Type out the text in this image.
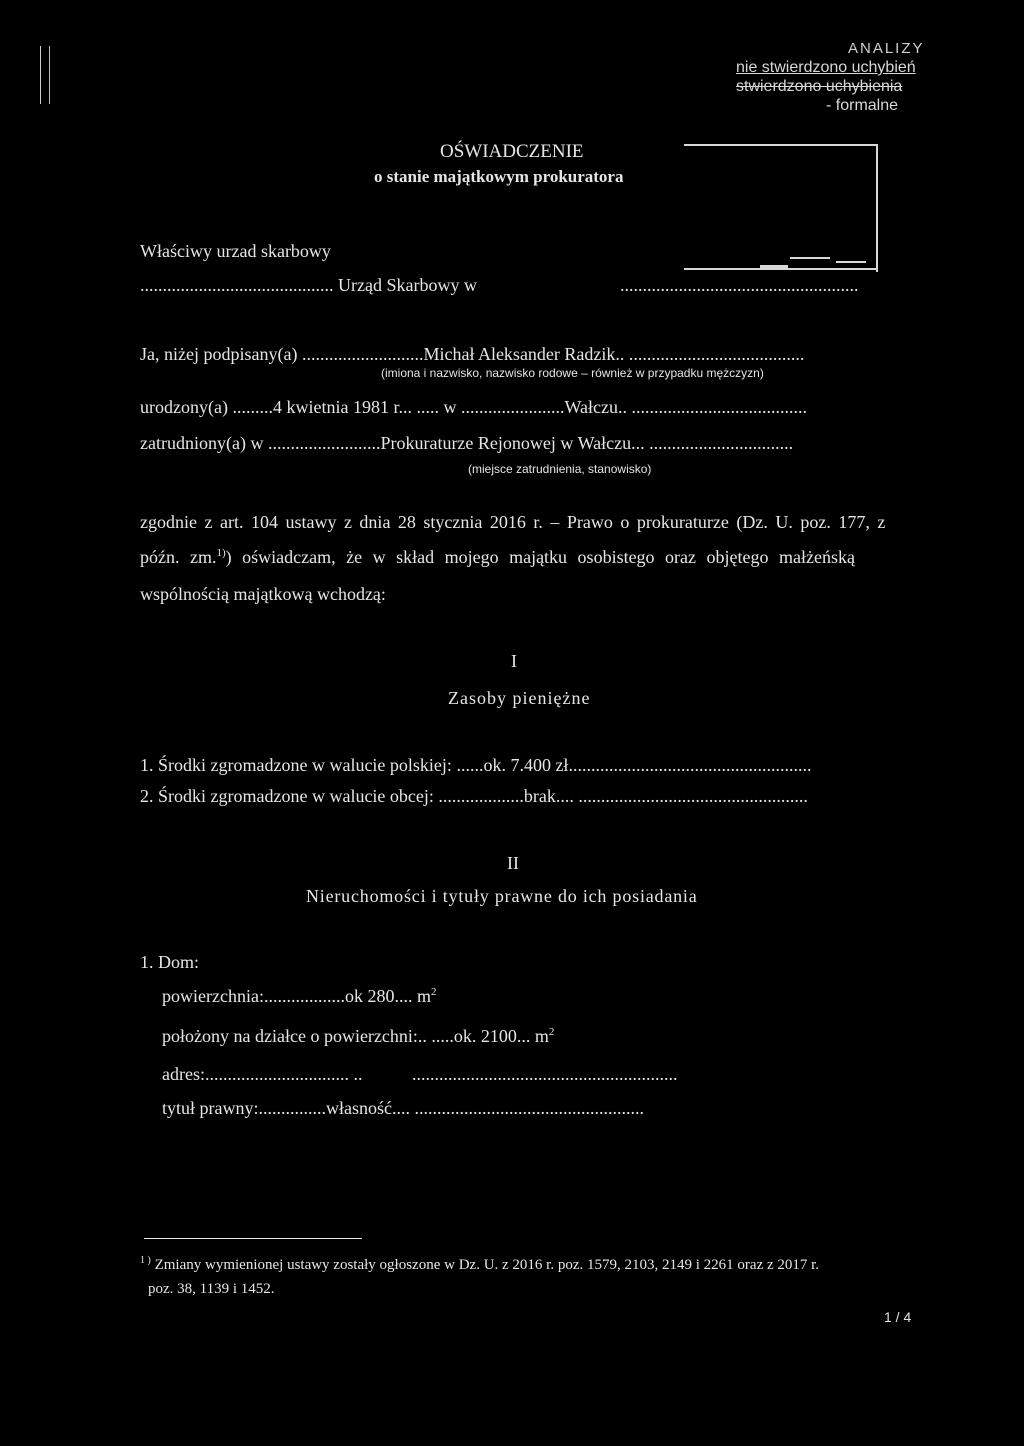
ANALIZY
nie stwierdzono uchybień
stwierdzono uchybienia
- formalne
OŚWIADCZENIE
o stanie majątkowym prokuratora
Właściwy urzad skarbowy
........................................... Urząd Skarbowy w	.....................................................
Ja, niżej podpisany(a) ...........................Michał Aleksander Radzik.. .......................................
(imiona i nazwisko, nazwisko rodowe – również w przypadku mężczyzn)
urodzony(a) .........4 kwietnia 1981 r... ..... w .......................Wałczu.. .......................................
zatrudniony(a) w .........................Prokuraturze Rejonowej w Wałczu... ................................
(miejsce zatrudnienia, stanowisko)
zgodnie z art. 104 ustawy z dnia 28 stycznia 2016 r. – Prawo o prokuraturze (Dz. U. poz. 177, z
późn. zm.$^{1)}$) oświadczam, że w skład mojego majątku osobistego oraz objętego małżeńską
wspólnością majątkową wchodzą:
I
Zasoby pieniężne
1. Środki zgromadzone w walucie polskiej: ......ok. 7.400 zł......................................................
2. Środki zgromadzone w walucie obcej: ...................brak.... ...................................................
II
Nieruchomości i tytuły prawne do ich posiadania
1. Dom:
powierzchnia:..................ok 280.... $m^2$
położony na działce o powierzchni:.. .....ok. 2100... $m^2$
adres:................................ ..	...........................................................
tytuł prawny:...............własność.... ...................................................
$^{1 )}$ Zmiany wymienionej ustawy zostały ogłoszone w Dz. U. z 2016 r. poz. 1579, 2103, 2149 i 2261 oraz z 2017 r.
poz. 38, 1139 i 1452.
1 / 4
